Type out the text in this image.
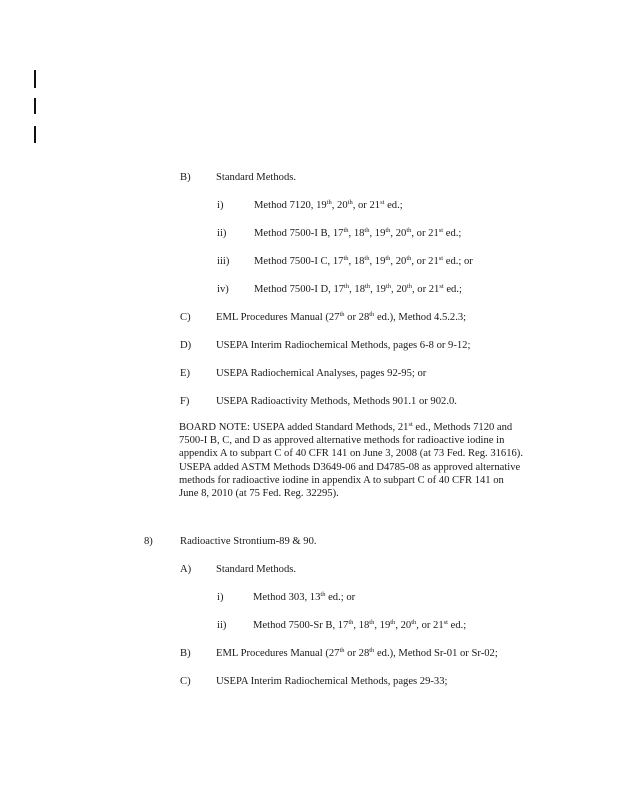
B) Standard Methods.
i)	Method 7120, 19th, 20th, or 21st ed.;
ii)	Method 7500-I B, 17th, 18th, 19th, 20th, or 21st ed.;
iii) Method 7500-I C, 17th, 18th, 19th, 20th, or 21st ed.; or
iv) Method 7500-I D, 17th, 18th, 19th, 20th, or 21st ed.;
C) EML Procedures Manual (27th or 28th ed.), Method 4.5.2.3;
D) USEPA Interim Radiochemical Methods, pages 6-8 or 9-12;
E) USEPA Radiochemical Analyses, pages 92-95; or
F)	USEPA Radioactivity Methods, Methods 901.1 or 902.0.
BOARD NOTE: USEPA added Standard Methods, 21st ed., Methods 7120 and 7500-I B, C, and D as approved alternative methods for radioactive iodine in appendix A to subpart C of 40 CFR 141 on June 3, 2008 (at 73 Fed. Reg. 31616). USEPA added ASTM Methods D3649-06 and D4785-08 as approved alternative methods for radioactive iodine in appendix A to subpart C of 40 CFR 141 on June 8, 2010 (at 75 Fed. Reg. 32295).
8)	Radioactive Strontium-89 & 90.
A) Standard Methods.
i)	Method 303, 13th ed.; or
ii)	Method 7500-Sr B, 17th, 18th, 19th, 20th, or 21st ed.;
B) EML Procedures Manual (27th or 28th ed.), Method Sr-01 or Sr-02;
C) USEPA Interim Radiochemical Methods, pages 29-33;
